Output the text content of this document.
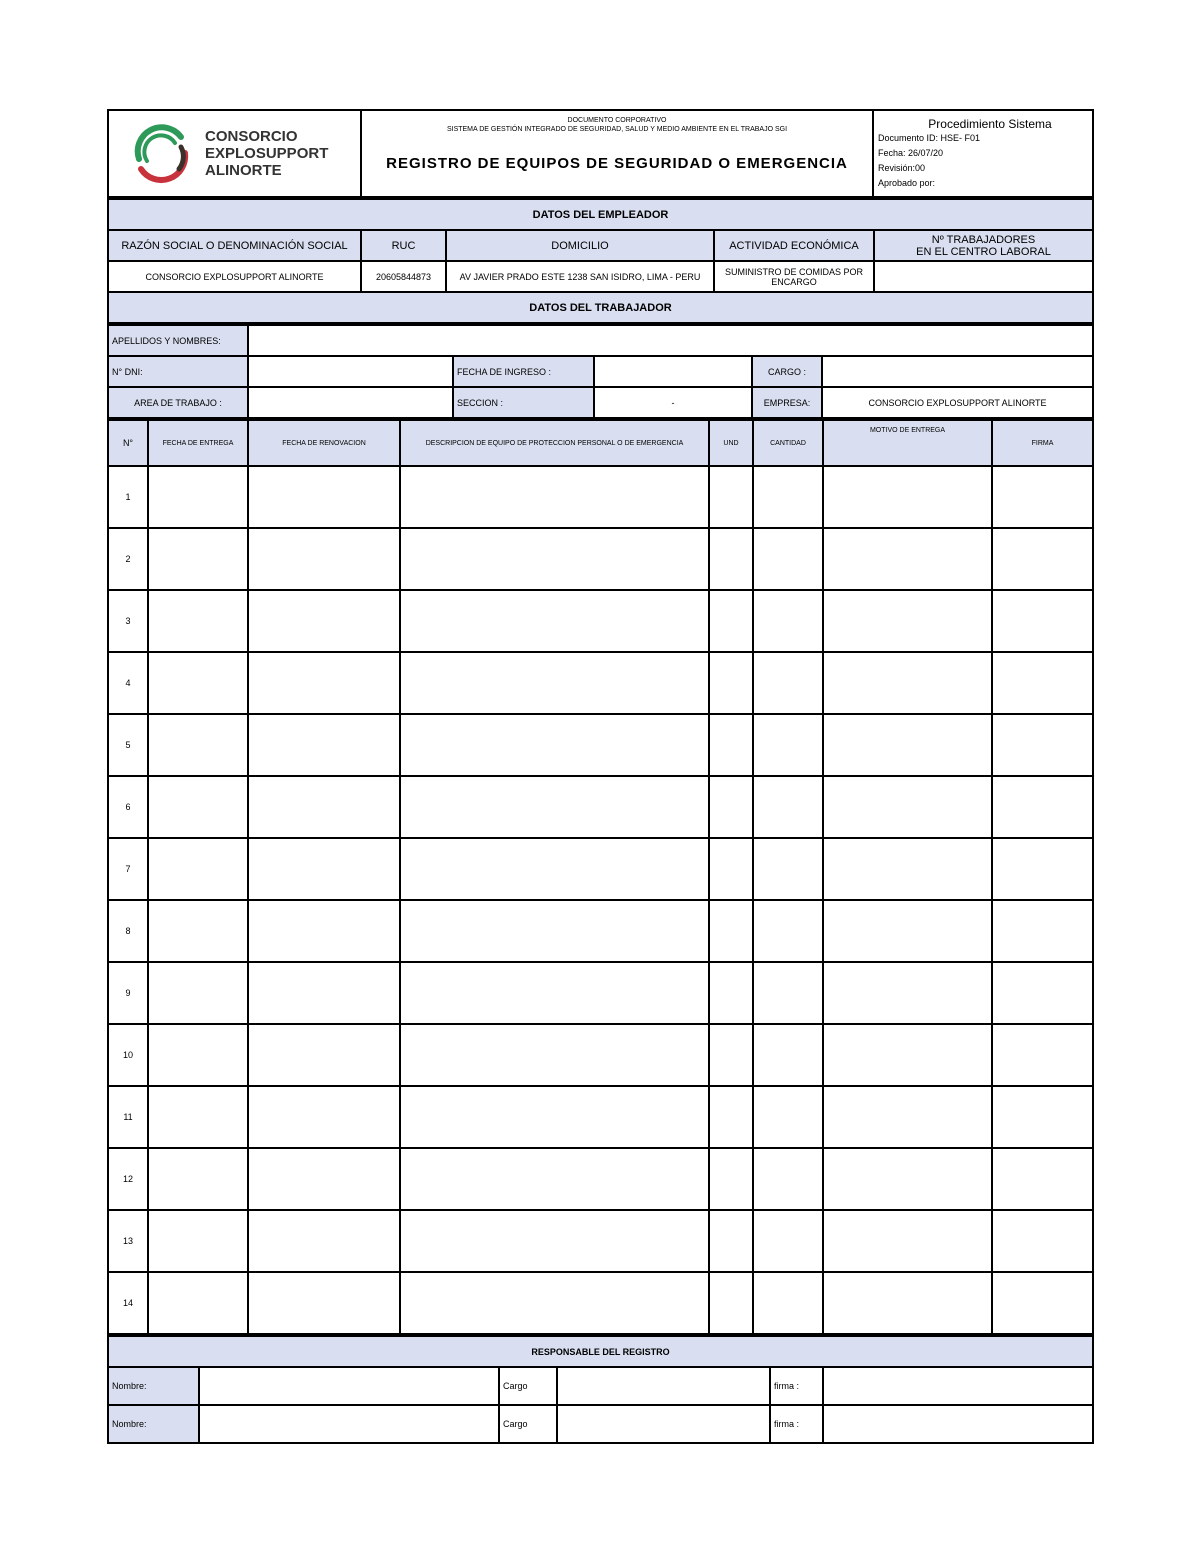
CONSORCIO
EXPLOSUPPORT
ALINORTE

DOCUMENTO CORPORATIVO
SISTEMA DE GESTIÓN INTEGRADO DE SEGURIDAD, SALUD Y MEDIO AMBIENTE EN EL TRABAJO SGI
REGISTRO DE EQUIPOS DE SEGURIDAD O EMERGENCIA

Procedimiento Sistema
Documento ID: HSE- F01
Fecha: 26/07/20
Revisión:00
Aprobado por:
DATOS DEL EMPLEADOR				
RAZÓN SOCIAL O DENOMINACIÓN SOCIAL	RUC	DOMICILIO	ACTIVIDAD ECONÓMICA	Nº TRABAJADORES
EN EL CENTRO LABORAL

CONSORCIO EXPLOSUPPORT ALINORTE	20605844873	AV JAVIER PRADO ESTE 1238 SAN ISIDRO, LIMA - PERU	SUMINISTRO DE COMIDAS POR ENCARGO	
DATOS DEL TRABAJADOR				
APELLIDOS Y NOMBRES:					
N° DNI:		FECHA DE INGRESO :		CARGO :	
AREA DE TRABAJO :		SECCION :	-	EMPRESA:	CONSORCIO EXPLOSUPPORT ALINORTE
N°	FECHA DE ENTREGA	FECHA DE RENOVACION	DESCRIPCION DE EQUIPO DE PROTECCION PERSONAL O DE EMERGENCIA	UND	CANTIDAD	MOTIVO DE ENTREGA	FIRMA
1							
2							
3							
4							
5							
6							
7							
8							
9							
10							
11							
12							
13							
14							
RESPONSABLE DEL REGISTRO					
Nombre:		Cargo		firma :	
Nombre:		Cargo		firma :	
